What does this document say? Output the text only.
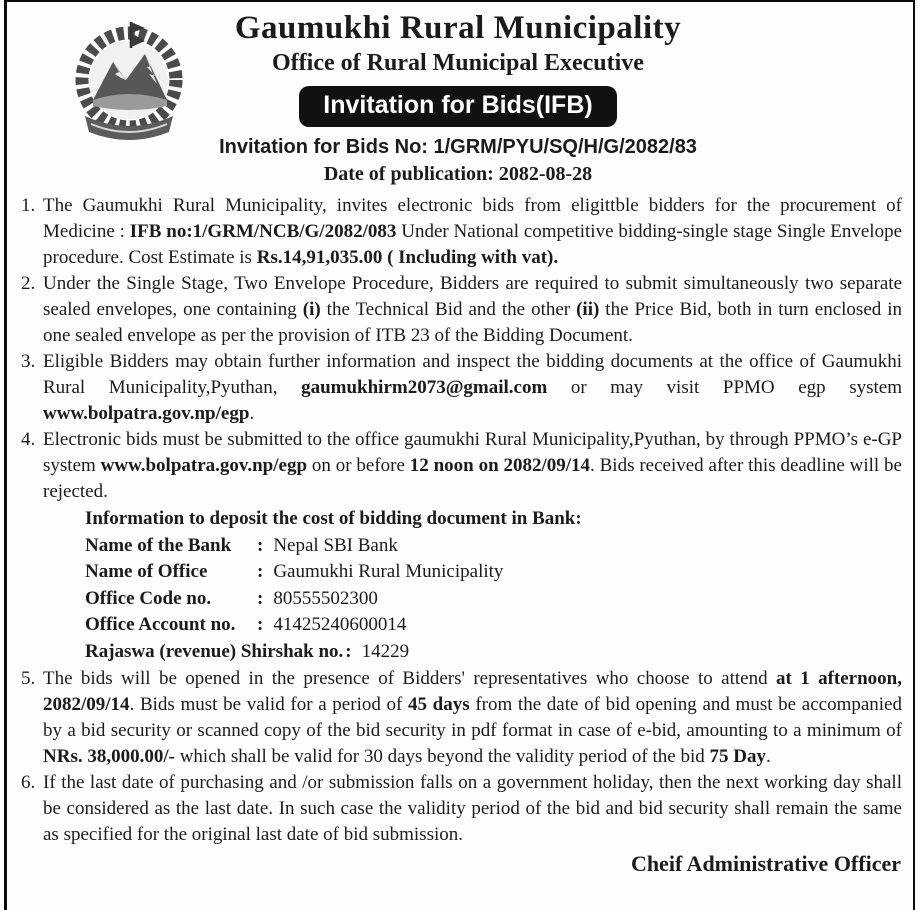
Gaumukhi Rural Municipality
Office of Rural Municipal Executive
Invitation for Bids(IFB)
Invitation for Bids No: 1/GRM/PYU/SQ/H/G/2082/83
Date of publication: 2082-08-28
1. The Gaumukhi Rural Municipality, invites electronic bids from eligittble bidders for the procurement of Medicine : IFB no:1/GRM/NCB/G/2082/083 Under National competitive bidding-single stage Single Envelope procedure. Cost Estimate is Rs.14,91,035.00 ( Including with vat).
2. Under the Single Stage, Two Envelope Procedure, Bidders are required to submit simultaneously two separate sealed envelopes, one containing (i) the Technical Bid and the other (ii) the Price Bid, both in turn enclosed in one sealed envelope as per the provision of ITB 23 of the Bidding Document.
3. Eligible Bidders may obtain further information and inspect the bidding documents at the office of Gaumukhi Rural Municipality,Pyuthan, gaumukhirm2073@gmail.com or may visit PPMO egp system www.bolpatra.gov.np/egp.
4. Electronic bids must be submitted to the office gaumukhi Rural Municipality,Pyuthan, by through PPMO’s e-GP system www.bolpatra.gov.np/egp on or before 12 noon on 2082/09/14. Bids received after this deadline will be rejected.
Information to deposit the cost of bidding document in Bank:
Name of the Bank	: Nepal SBI Bank
Name of Office	: Gaumukhi Rural Municipality
Office Code no.	: 80555502300
Office Account no.	: 41425240600014
Rajaswa (revenue) Shirshak no. : 14229
5. The bids will be opened in the presence of Bidders' representatives who choose to attend at 1 afternoon, 2082/09/14. Bids must be valid for a period of 45 days from the date of bid opening and must be accompanied by a bid security or scanned copy of the bid security in pdf format in case of e-bid, amounting to a minimum of NRs. 38,000.00/- which shall be valid for 30 days beyond the validity period of the bid 75 Day.
6. If the last date of purchasing and /or submission falls on a government holiday, then the next working day shall be considered as the last date. In such case the validity period of the bid and bid security shall remain the same as specified for the original last date of bid submission.
Cheif Administrative Officer
